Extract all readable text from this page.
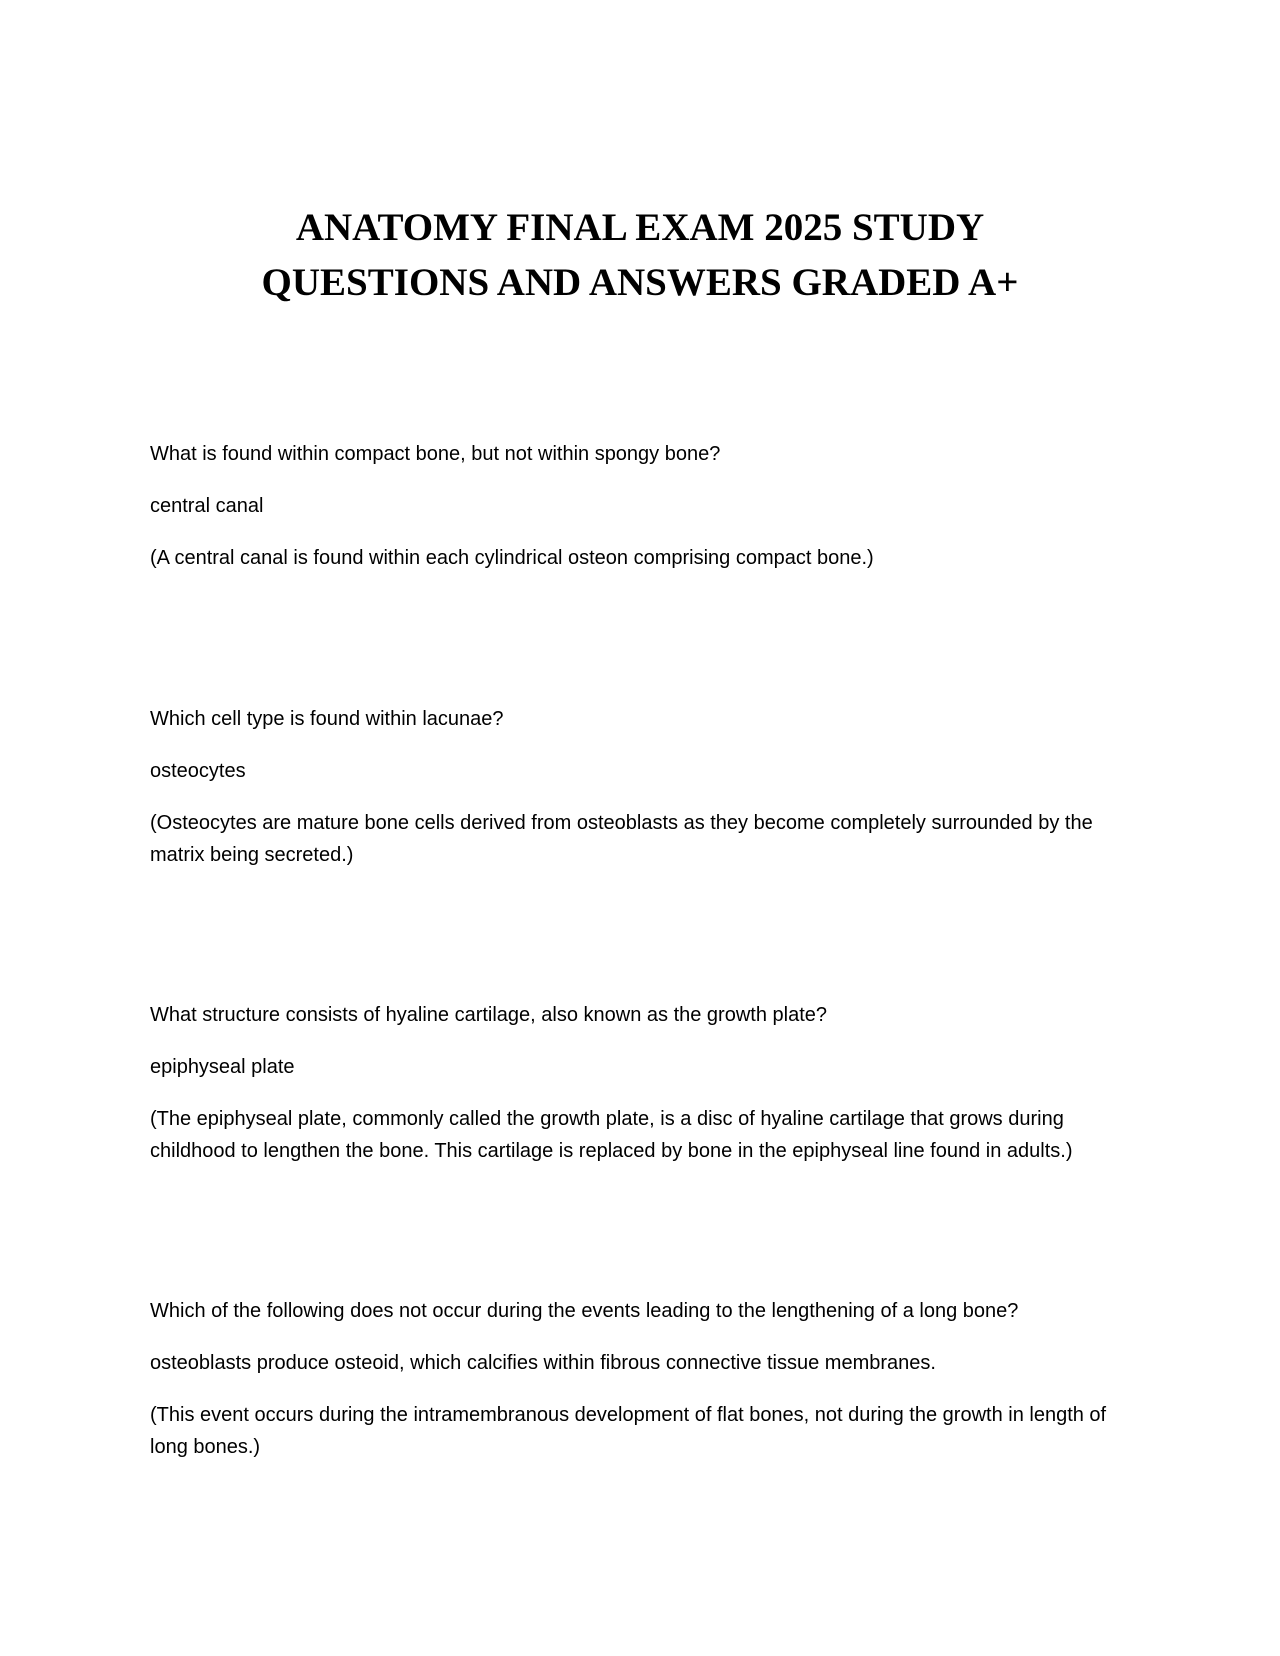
ANATOMY FINAL EXAM 2025 STUDY
QUESTIONS AND ANSWERS GRADED A+

What is found within compact bone, but not within spongy bone?

central canal

(A central canal is found within each cylindrical osteon comprising compact bone.)

Which cell type is found within lacunae?

osteocytes

(Osteocytes are mature bone cells derived from osteoblasts as they become completely surrounded by the matrix being secreted.)

What structure consists of hyaline cartilage, also known as the growth plate?

epiphyseal plate

(The epiphyseal plate, commonly called the growth plate, is a disc of hyaline cartilage that grows during childhood to lengthen the bone. This cartilage is replaced by bone in the epiphyseal line found in adults.)

Which of the following does not occur during the events leading to the lengthening of a long bone?

osteoblasts produce osteoid, which calcifies within fibrous connective tissue membranes.

(This event occurs during the intramembranous development of flat bones, not during the growth in length of long bones.)
